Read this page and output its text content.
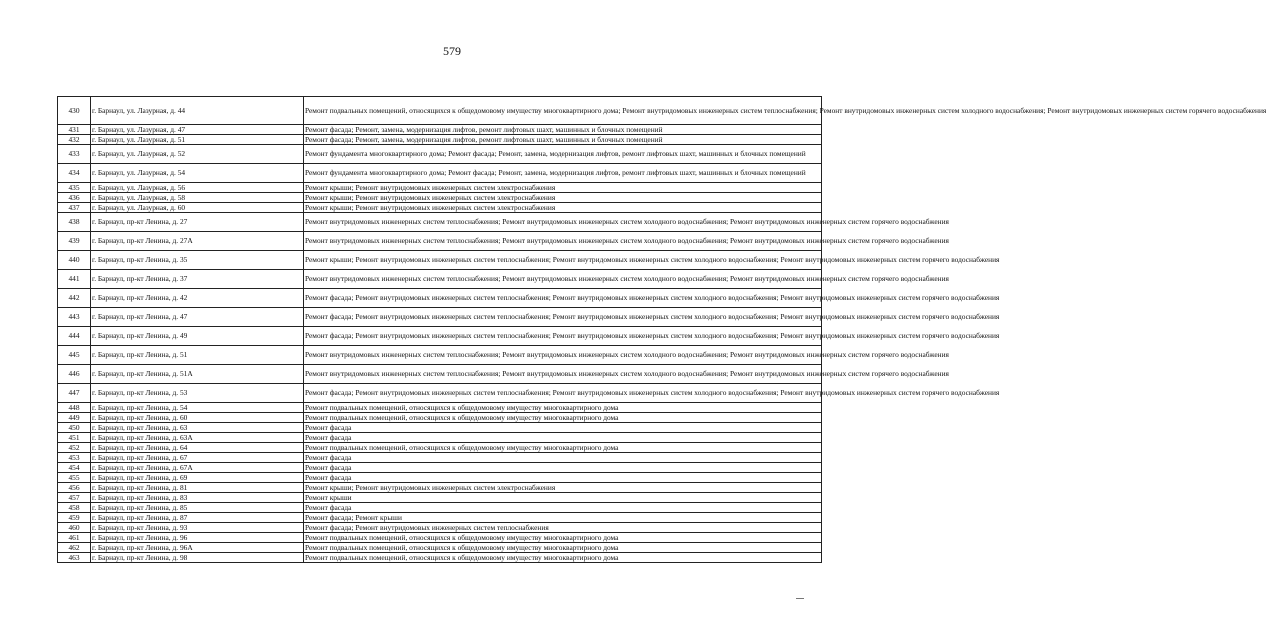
579
430	г. Барнаул, ул. Лазурная, д. 44	Ремонт подвальных помещений, относящихся к общедомовому имуществу многоквартирного дома; Ремонт внутридомовых инженерных систем теплоснабжения; Ремонт внутридомовых инженерных систем холодного водоснабжения; Ремонт внутридомовых инженерных систем горячего водоснабжения
431	г. Барнаул, ул. Лазурная, д. 47	Ремонт фасада; Ремонт, замена, модернизация лифтов, ремонт лифтовых шахт, машинных и блочных помещений
432	г. Барнаул, ул. Лазурная, д. 51	Ремонт фасада; Ремонт, замена, модернизация лифтов, ремонт лифтовых шахт, машинных и блочных помещений
433	г. Барнаул, ул. Лазурная, д. 52	Ремонт фундамента многоквартирного дома; Ремонт фасада; Ремонт, замена, модернизация лифтов, ремонт лифтовых шахт, машинных и блочных помещений
434	г. Барнаул, ул. Лазурная, д. 54	Ремонт фундамента многоквартирного дома; Ремонт фасада; Ремонт, замена, модернизация лифтов, ремонт лифтовых шахт, машинных и блочных помещений
435	г. Барнаул, ул. Лазурная, д. 56	Ремонт крыши; Ремонт внутридомовых инженерных систем электроснабжения
436	г. Барнаул, ул. Лазурная, д. 58	Ремонт крыши; Ремонт внутридомовых инженерных систем электроснабжения
437	г. Барнаул, ул. Лазурная, д. 60	Ремонт крыши; Ремонт внутридомовых инженерных систем электроснабжения
438	г. Барнаул, пр-кт Ленина, д. 27	Ремонт внутридомовых инженерных систем теплоснабжения; Ремонт внутридомовых инженерных систем холодного водоснабжения; Ремонт внутридомовых инженерных систем горячего водоснабжения
439	г. Барнаул, пр-кт Ленина, д. 27А	Ремонт внутридомовых инженерных систем теплоснабжения; Ремонт внутридомовых инженерных систем холодного водоснабжения; Ремонт внутридомовых инженерных систем горячего водоснабжения
440	г. Барнаул, пр-кт Ленина, д. 35	Ремонт крыши; Ремонт внутридомовых инженерных систем теплоснабжения; Ремонт внутридомовых инженерных систем холодного водоснабжения; Ремонт внутридомовых инженерных систем горячего водоснабжения
441	г. Барнаул, пр-кт Ленина, д. 37	Ремонт внутридомовых инженерных систем теплоснабжения; Ремонт внутридомовых инженерных систем холодного водоснабжения; Ремонт внутридомовых инженерных систем горячего водоснабжения
442	г. Барнаул, пр-кт Ленина, д. 42	Ремонт фасада; Ремонт внутридомовых инженерных систем теплоснабжения; Ремонт внутридомовых инженерных систем холодного водоснабжения; Ремонт внутридомовых инженерных систем горячего водоснабжения
443	г. Барнаул, пр-кт Ленина, д. 47	Ремонт фасада; Ремонт внутридомовых инженерных систем теплоснабжения; Ремонт внутридомовых инженерных систем холодного водоснабжения; Ремонт внутридомовых инженерных систем горячего водоснабжения
444	г. Барнаул, пр-кт Ленина, д. 49	Ремонт фасада; Ремонт внутридомовых инженерных систем теплоснабжения; Ремонт внутридомовых инженерных систем холодного водоснабжения; Ремонт внутридомовых инженерных систем горячего водоснабжения
445	г. Барнаул, пр-кт Ленина, д. 51	Ремонт внутридомовых инженерных систем теплоснабжения; Ремонт внутридомовых инженерных систем холодного водоснабжения; Ремонт внутридомовых инженерных систем горячего водоснабжения
446	г. Барнаул, пр-кт Ленина, д. 51А	Ремонт внутридомовых инженерных систем теплоснабжения; Ремонт внутридомовых инженерных систем холодного водоснабжения; Ремонт внутридомовых инженерных систем горячего водоснабжения
447	г. Барнаул, пр-кт Ленина, д. 53	Ремонт фасада; Ремонт внутридомовых инженерных систем теплоснабжения; Ремонт внутридомовых инженерных систем холодного водоснабжения; Ремонт внутридомовых инженерных систем горячего водоснабжения
448	г. Барнаул, пр-кт Ленина, д. 54	Ремонт подвальных помещений, относящихся к общедомовому имуществу многоквартирного дома
449	г. Барнаул, пр-кт Ленина, д. 60	Ремонт подвальных помещений, относящихся к общедомовому имуществу многоквартирного дома
450	г. Барнаул, пр-кт Ленина, д. 63	Ремонт фасада
451	г. Барнаул, пр-кт Ленина, д. 63А	Ремонт фасада
452	г. Барнаул, пр-кт Ленина, д. 64	Ремонт подвальных помещений, относящихся к общедомовому имуществу многоквартирного дома
453	г. Барнаул, пр-кт Ленина, д. 67	Ремонт фасада
454	г. Барнаул, пр-кт Ленина, д. 67А	Ремонт фасада
455	г. Барнаул, пр-кт Ленина, д. 69	Ремонт фасада
456	г. Барнаул, пр-кт Ленина, д. 81	Ремонт крыши; Ремонт внутридомовых инженерных систем электроснабжения
457	г. Барнаул, пр-кт Ленина, д. 83	Ремонт крыши
458	г. Барнаул, пр-кт Ленина, д. 85	Ремонт фасада
459	г. Барнаул, пр-кт Ленина, д. 87	Ремонт фасада; Ремонт крыши
460	г. Барнаул, пр-кт Ленина, д. 93	Ремонт фасада; Ремонт внутридомовых инженерных систем теплоснабжения
461	г. Барнаул, пр-кт Ленина, д. 96	Ремонт подвальных помещений, относящихся к общедомовому имуществу многоквартирного дома
462	г. Барнаул, пр-кт Ленина, д. 96А	Ремонт подвальных помещений, относящихся к общедомовому имуществу многоквартирного дома
463	г. Барнаул, пр-кт Ленина, д. 98	Ремонт подвальных помещений, относящихся к общедомовому имуществу многоквартирного дома
